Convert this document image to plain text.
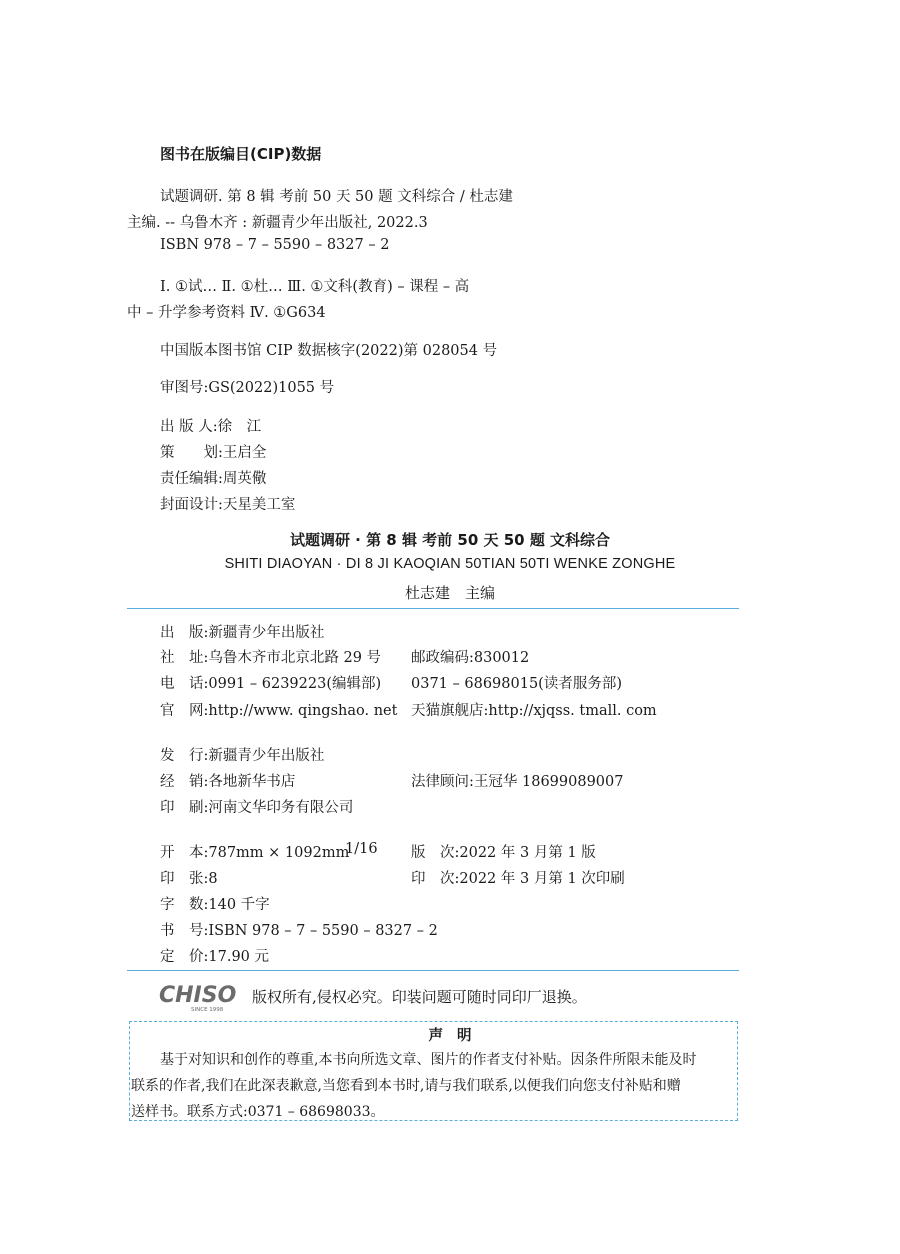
图书在版编目(CIP)数据
试题调研. 第 8 辑 考前 50 天 50 题 文科综合 / 杜志建
主编. -- 乌鲁木齐 : 新疆青少年出版社, 2022.3
ISBN 978 – 7 – 5590 – 8327 – 2
Ⅰ. ①试… Ⅱ. ①杜… Ⅲ. ①文科(教育) – 课程 – 高
中 – 升学参考资料 Ⅳ. ①G634
中国版本图书馆 CIP 数据核字(2022)第 028054 号
审图号:GS(2022)1055 号
出 版 人:徐　江
策　　划:王启全
责任编辑:周英儆
封面设计:天星美工室
试题调研 · 第 8 辑 考前 50 天 50 题 文科综合
SHITI DIAOYAN · DI 8 JI KAOQIAN 50TIAN 50TI WENKE ZONGHE
杜志建　主编
出　版:新疆青少年出版社
社　址:乌鲁木齐市北京北路 29 号 邮政编码:830012
电　话:0991 – 6239223(编辑部) 0371 – 68698015(读者服务部)
官　网:http://www. qingshao. net 天猫旗舰店:http://xjqss. tmall. com
发　行:新疆青少年出版社
经　销:各地新华书店	法律顾问:王冠华 18699089007
印　刷:河南文华印务有限公司
开　本:787mm × 1092mm
1/16 版　次:2022 年 3 月第 1 版
印　张:8	印　次:2022 年 3 月第 1 次印刷
字　数:140 千字
书　号:ISBN 978 – 7 – 5590 – 8327 – 2
定　价:17.90 元
CHISO
SINCE 1998
版权所有,侵权必究。印装问题可随时同印厂退换。
声明
基于对知识和创作的尊重,本书向所选文章、图片的作者支付补贴。因条件所限未能及时
联系的作者,我们在此深表歉意,当您看到本书时,请与我们联系,以便我们向您支付补贴和赠
送样书。联系方式:0371 – 68698033。
